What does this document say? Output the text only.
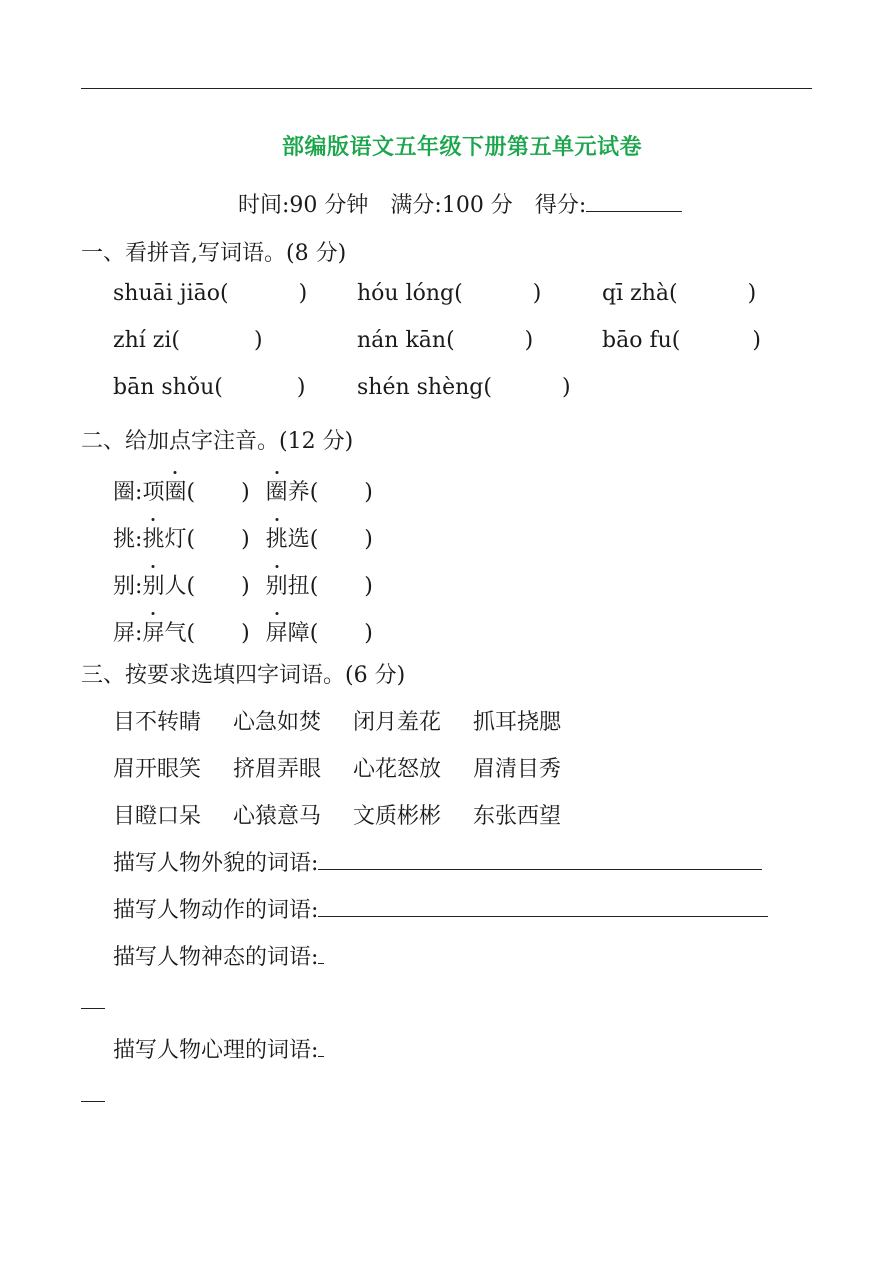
部编版语文五年级下册第五单元试卷
时间:90 分钟 满分:100 分 得分:
一、看拼音,写词语。(8 分)
shuāi jiāo(	) hóu lóng(	)	qī zhà(	)
zhí zi(	)	nán kān(	)	bāo fu(	)
bān shǒu(	) shén shèng(	)
二、给加点字注音。(12 分)
圈:项圈( ) 圈养( )
挑:挑灯( ) 挑选( )
别:别人( ) 别扭( )
屏:屏气( ) 屏障( )
三、按要求选填四字词语。(6 分)
目不转睛 心急如焚 闭月羞花 抓耳挠腮
眉开眼笑 挤眉弄眼 心花怒放 眉清目秀
目瞪口呆 心猿意马 文质彬彬 东张西望
描写人物外貌的词语:
描写人物动作的词语:
描写人物神态的词语:
描写人物心理的词语:
